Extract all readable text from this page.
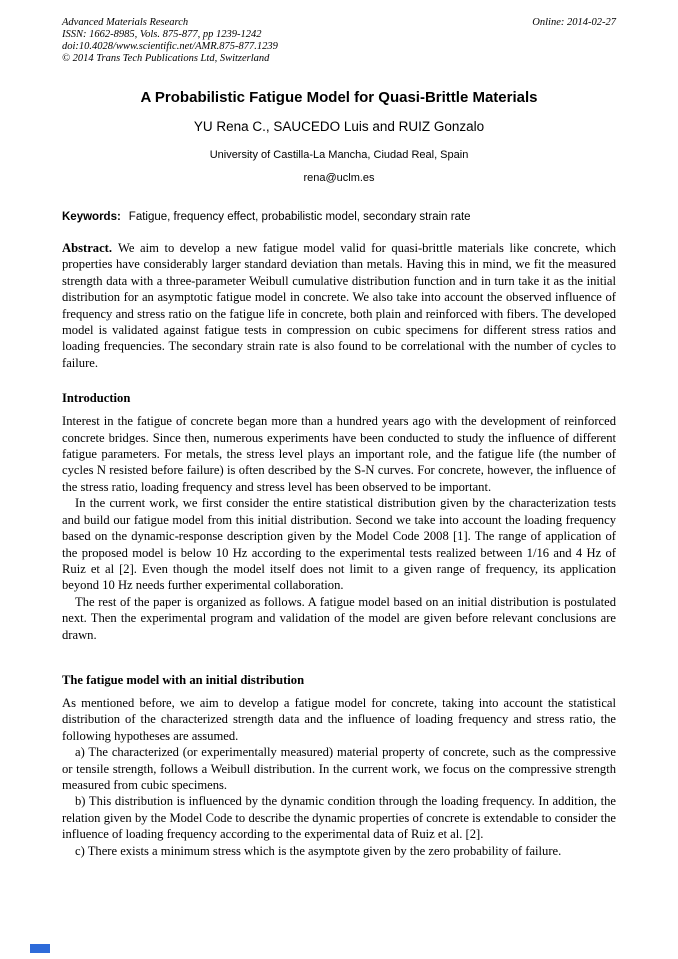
Advanced Materials Research	Online: 2014-02-27
ISSN: 1662-8985, Vols. 875-877, pp 1239-1242
doi:10.4028/www.scientific.net/AMR.875-877.1239
© 2014 Trans Tech Publications Ltd, Switzerland
A Probabilistic Fatigue Model for Quasi-Brittle Materials
YU Rena C., SAUCEDO Luis and RUIZ Gonzalo
University of Castilla-La Mancha, Ciudad Real, Spain
rena@uclm.es

Keywords: Fatigue, frequency effect, probabilistic model, secondary strain rate

Abstract. We aim to develop a new fatigue model valid for quasi-brittle materials like concrete, which properties have considerably larger standard deviation than metals. Having this in mind, we fit the measured strength data with a three-parameter Weibull cumulative distribution function and in turn take it as the initial distribution for an asymptotic fatigue model in concrete. We also take into account the observed influence of frequency and stress ratio on the fatigue life in concrete, both plain and reinforced with fibers. The developed model is validated against fatigue tests in compression on cubic specimens for different stress ratios and loading frequencies. The secondary strain rate is also found to be correlational with the number of cycles to failure.

Introduction

Interest in the fatigue of concrete began more than a hundred years ago with the development of reinforced concrete bridges. Since then, numerous experiments have been conducted to study the influence of different fatigue parameters. For metals, the stress level plays an important role, and the fatigue life (the number of cycles N resisted before failure) is often described by the S-N curves. For concrete, however, the influence of the stress ratio, loading frequency and stress level has been observed to be important.

In the current work, we first consider the entire statistical distribution given by the characterization tests and build our fatigue model from this initial distribution. Second we take into account the loading frequency based on the dynamic-response description given by the Model Code 2008 [1]. The range of application of the proposed model is below 10 Hz according to the experimental tests realized between 1/16 and 4 Hz of Ruiz et al [2]. Even though the model itself does not limit to a given range of frequency, its application beyond 10 Hz needs further experimental collaboration.

The rest of the paper is organized as follows. A fatigue model based on an initial distribution is postulated next. Then the experimental program and validation of the model are given before relevant conclusions are drawn.

The fatigue model with an initial distribution

As mentioned before, we aim to develop a fatigue model for concrete, taking into account the statistical distribution of the characterized strength data and the influence of loading frequency and stress ratio, the following hypotheses are assumed.

a) The characterized (or experimentally measured) material property of concrete, such as the compressive or tensile strength, follows a Weibull distribution. In the current work, we focus on the compressive strength measured from cubic specimens.

b) This distribution is influenced by the dynamic condition through the loading frequency. In addition, the relation given by the Model Code to describe the dynamic properties of concrete is extendable to consider the influence of loading frequency according to the experimental data of Ruiz et al. [2].

c) There exists a minimum stress which is the asymptote given by the zero probability of failure.
